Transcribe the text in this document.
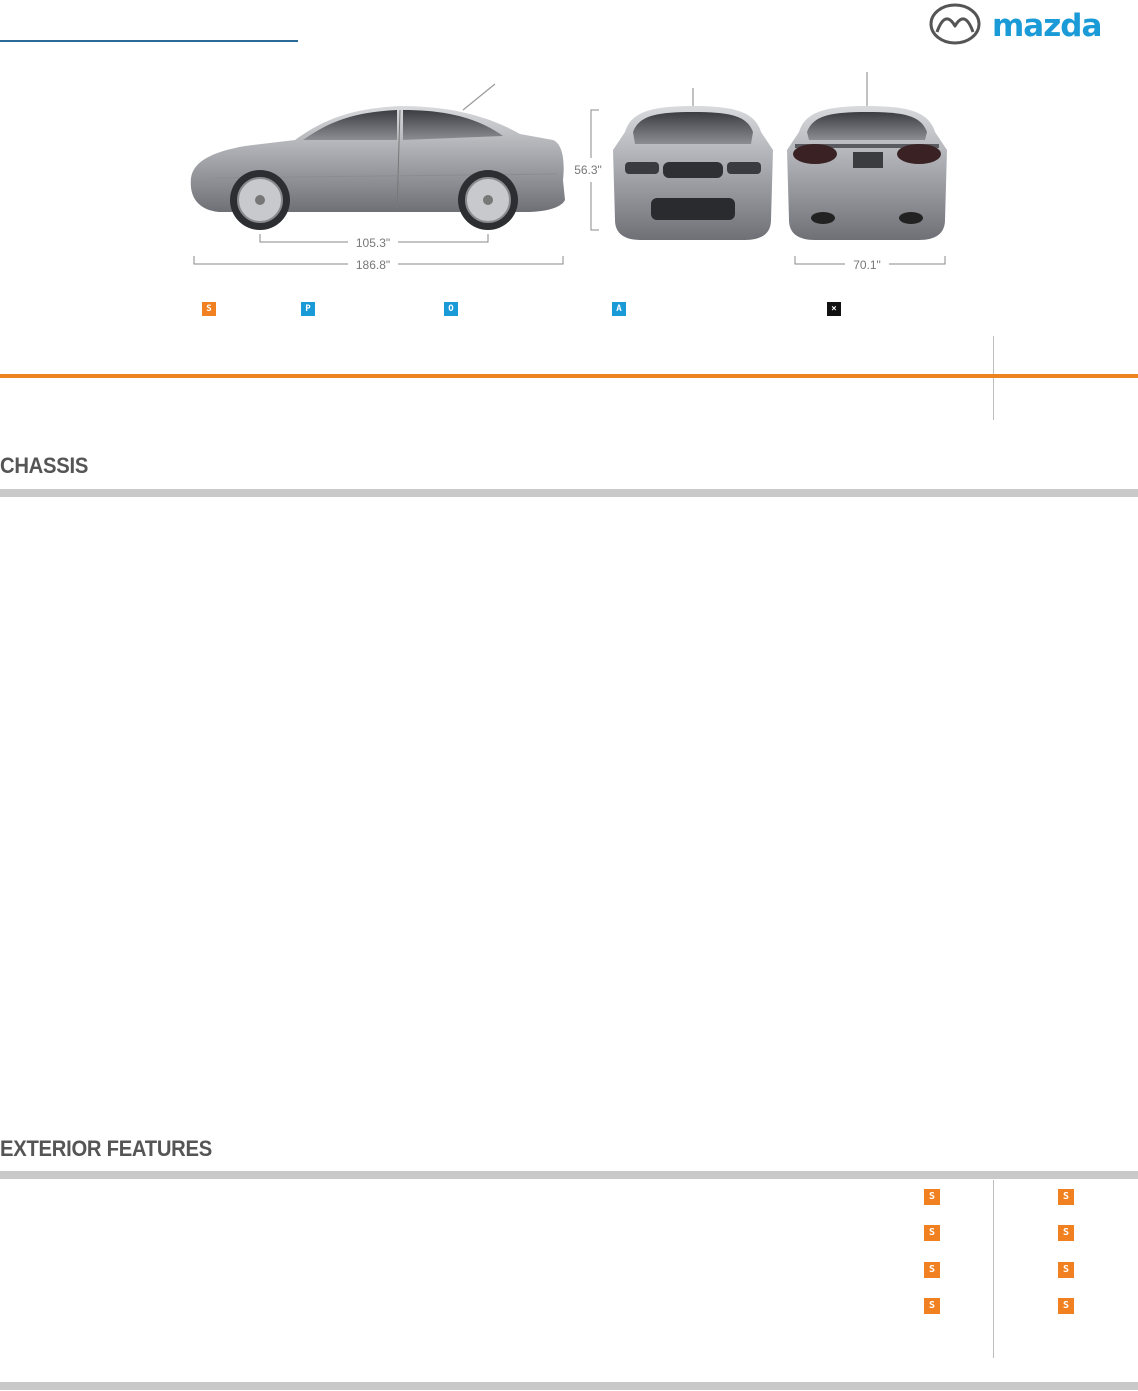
mazda
105.3"
186.8"
56.3"
70.1"
S	P	O	A	×
CHASSIS
EXTERIOR FEATURES
S	S
S	S
S	S
S	S
